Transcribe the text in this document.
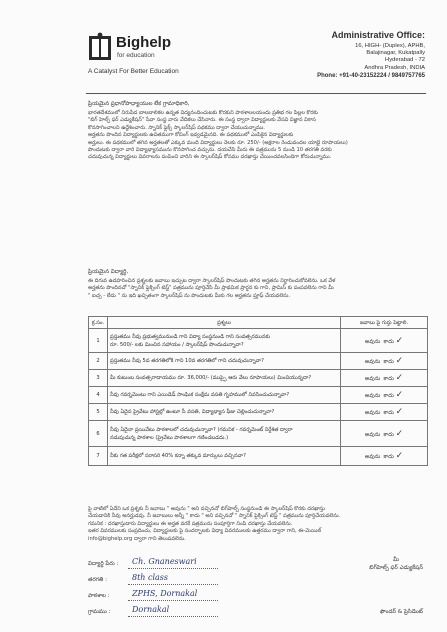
Bighelp
for education
A Catalyst For Better Education
Administrative Office:
16, HIGH- (Duplex), APHB,
Balajinagar, Kukatpally
Hyderabad - 72
Andhra Pradesh, INDIA
Phone: +91-40-23152224 / 9849757765
ప్రియమైన ప్రధానోపాధ్యాయుల లేక గ్రామాధికారి,
భారతదేశములో నిరుపేద బాలబాలికల ఉన్నత విద్యనందించుటకు కొరకుని పాఠశాలలయందు ప్రతిభ గల పిల్లల కొరకు
"బిగ్ హెల్ప్ ఫర్ ఎడ్యుకేషన్" సేవా సంస్థ వారు వేదికలు చేసినారు. ఈ సంస్థ ద్వారా విద్యార్థులకు వేసవి విజ్ఞాన వికాస
కొనసాగించాలని ఉద్దేశించారు. స్నానిక్ ఫ్లెక్స్ స్కాలర్‌షిప్ పథకము ద్వారా చేయుచున్నాము.
అర్హతను పొందిన విద్యార్థులకు ఉచితముగా కోచింగ్ ఇవ్వడమైనది. ఈ పథకములో ఎంపికైన విద్యార్థులకు
అర్హులు. ఈ పథకములో తగిన అర్హతలతో ఎక్కువ మంది విద్యార్థులు నెలకు రూ. 250/- (అక్షరాల రెండువందల యాభై రూపాయలు)
పొందుటకు ద్వారా వారి విద్యాభ్యాసమును కొనసాగించ వచ్చును. దయచేసి మీరు ఈ పత్రమును 5 నుండి 10 తరగతి వరకు
చదువుచున్న విద్యార్థులు వివరాలను పంపించి వారిని ఈ స్కాలర్‌షిప్ కోసము దరఖాస్తు చేయించవలసిందిగా కోరుచున్నాము.
ప్రియమైన విద్యార్థి,
ఈ దిగువ ఉదహరించిన ప్రశ్నలకు జవాబు ఇచ్చుట ద్వారా స్కాలర్‌షిప్ పొందుటకు తగిన అర్హతను నిర్ధారించుకోవలెను. ఒక వేళ
అర్హతను పొందినచో "స్నానిక్ ఫ్లెక్సింగ్ టెస్ట్" పత్రమును పూర్తిచేసి మీ ప్రాథమిక ప్రార్థన కు గాని, ప్రామిస్ కు పంపవలెను గాని మీ
" ఐచ్చ - లేదు " ను ఇది ఖచ్చితంగా స్కాలర్‌షిప్ ను పొందుటకు మీకు గల అర్హతను ప్రూఫ్ చేయవలెను.
క్ర.సం.	ప్రశ్నలు	జవాబు పై గుర్తు పెట్టాలి.
1	ప్రస్తుతము నీవు ప్రభుత్వమునుండి గాని విద్యా సంస్థనుండి గాని సంవత్సరమునకు
రూ. 500/- లకు మించిన సహాయం / స్కాలర్‌షిప్ పొందుచున్నావా?	అవును కాదు ✓
2	ప్రస్తుతము నీవు 5వ తరగతిలోకి గాని 10వ తరగతిలో గాని చదువుచున్నావా?	అవును కాదు ✓
3	మీ కుటుంబ సంవత్సరాదాయము రూ. 36,000/- (ముప్పై ఆరు వేలు రూపాయలు) మించియున్నదా?	అవును కాదు ✓
4	నీవు గవర్నమెంటు గాని ఎయిడెడ్ సాంఘిక సంక్షేమ వసతి గృహములో నివసించుచున్నావా?	అవును కాదు ✓
5	నీవు ఏదైన ప్రైవేటు హాస్టల్లో ఉంటూ సీ వసతి, విద్యాభ్యాస ఫీజు చెల్లించుచున్నావా?	అవును కాదు ✓
6	నీవు ఏదైనా ప్రయివేటు పాఠశాలలో చదువుచున్నావా? (గమనిక - గవర్నమెంట్ నిర్దేశిత ద్వారా
నడుపుచున్న పాఠశాల (ప్రైవేటు పాఠశాలగా గణించబడదు.)	అవును కాదు ✓
7	నీకు గత పరీక్షలో సరాసరి 40% కన్నా తక్కువ మార్కులు వచ్చినవా?	అవును కాదు ✓
పై వాటిలో ఏదేని ఒక ప్రశ్నకు నీ జవాబు " అవును " అని వచ్చినచో బిగ్‌హెల్ప్ సంస్థనుండి ఈ స్కాలర్‌షిప్ కొరకు దరఖాస్తు
చేయడానికి నీవు అనర్హుడవు. నీ జవాబులు అన్నీ " కాదు " అని వచ్చినచో " స్నానిక్ ఫ్లెక్సింగ్ టెస్ట్ " పత్రమును పూర్తిచేయవలెను.
గమనిక : దరఖాస్తుదారు విద్యార్థులు ఈ అర్హత వరకే పత్రమును సంపూర్తిగా నింపి దరఖాస్తు చేయవలెను.
ఇతర వివరములకు సంప్రదించు, విద్యార్థులకు పై సందర్భాలకు విధ్యా వివరములకు ఉత్తరము ద్వారా గాని, ఈ-మెయిల్
info@bighelp.org ద్వారా గాని తెలుపవలెను.
విద్యార్థి పేరు : Ch. Gnaneswari
తరగతి :	8th class
పాఠశాల :	ZPHS, Dornakal
గ్రామము :	Dornakal
మీ
బిగ్‌హెల్ప్ ఫర్ ఎడ్యుకేషన్
ఫౌండర్ & ప్రెసిడెంట్
